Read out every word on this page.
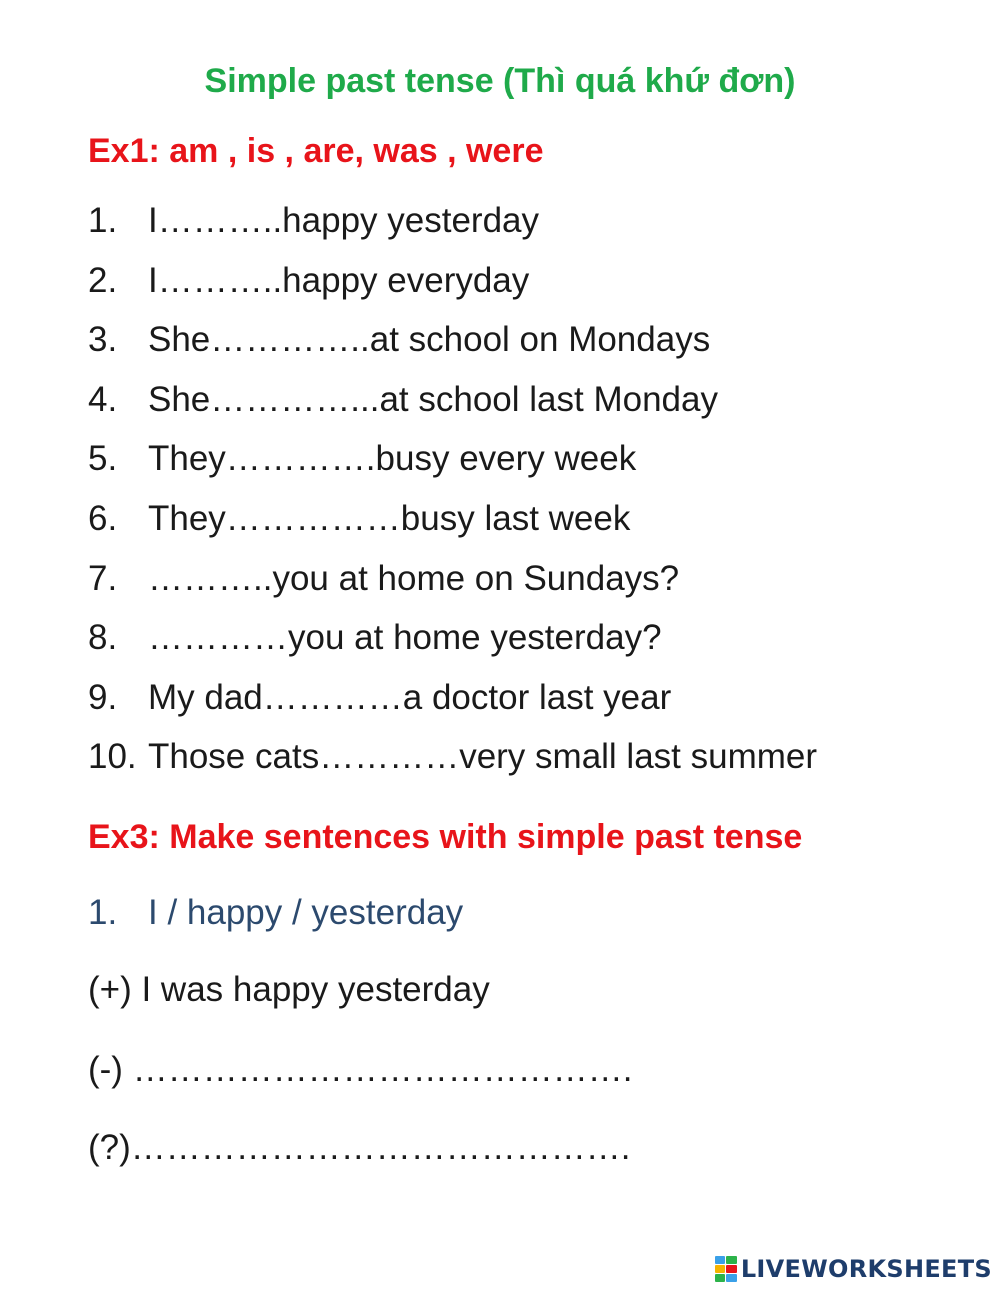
Simple past tense (Thì quá khứ đơn)
Ex1: am , is , are, was , were
1. I………..happy yesterday
2. I………..happy everyday
3. She…………..at school on Mondays
4. She…………...at school last Monday
5. They………….busy every week
6. They……………busy last week
7. ………..you at home on Sundays?
8. …………you at home yesterday?
9. My dad…………a doctor last year
10. Those cats…………very small last summer
Ex3: Make sentences with simple past tense
1. I / happy / yesterday
(+) I was happy yesterday
(-) …………………………………….
(?)…………………………………….
LIVEWORKSHEETS
